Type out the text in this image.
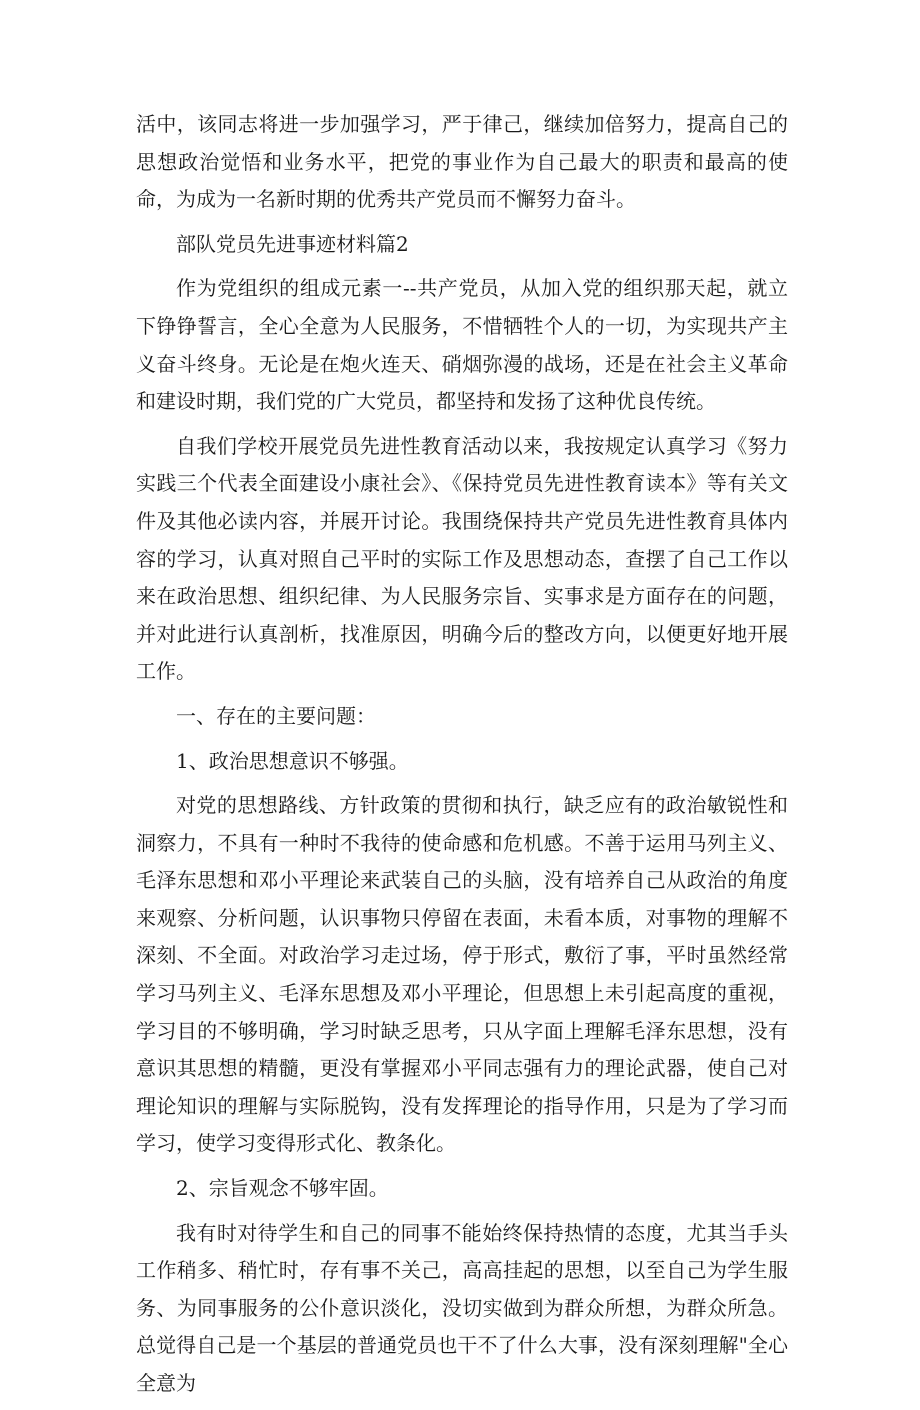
活中，该同志将进一步加强学习，严于律己，继续加倍努力，提高自己的思想政治觉悟和业务水平，把党的事业作为自己最大的职责和最高的使命，为成为一名新时期的优秀共产党员而不懈努力奋斗。

部队党员先进事迹材料篇2

作为党组织的组成元素一--共产党员，从加入党的组织那天起，就立下铮铮誓言，全心全意为人民服务，不惜牺牲个人的一切，为实现共产主义奋斗终身。无论是在炮火连天、硝烟弥漫的战场，还是在社会主义革命和建设时期，我们党的广大党员，都坚持和发扬了这种优良传统。

自我们学校开展党员先进性教育活动以来，我按规定认真学习《努力实践三个代表全面建设小康社会》、《保持党员先进性教育读本》等有关文件及其他必读内容，并展开讨论。我围绕保持共产党员先进性教育具体内容的学习，认真对照自己平时的实际工作及思想动态，查摆了自己工作以来在政治思想、组织纪律、为人民服务宗旨、实事求是方面存在的问题，并对此进行认真剖析，找准原因，明确今后的整改方向，以便更好地开展工作。

一、存在的主要问题：

1、政治思想意识不够强。

对党的思想路线、方针政策的贯彻和执行，缺乏应有的政治敏锐性和洞察力，不具有一种时不我待的使命感和危机感。不善于运用马列主义、毛泽东思想和邓小平理论来武装自己的头脑，没有培养自己从政治的角度来观察、分析问题，认识事物只停留在表面，未看本质，对事物的理解不深刻、不全面。对政治学习走过场，停于形式，敷衍了事，平时虽然经常学习马列主义、毛泽东思想及邓小平理论，但思想上未引起高度的重视，学习目的不够明确，学习时缺乏思考，只从字面上理解毛泽东思想，没有意识其思想的精髓，更没有掌握邓小平同志强有力的理论武器，使自己对理论知识的理解与实际脱钩，没有发挥理论的指导作用，只是为了学习而学习，使学习变得形式化、教条化。

2、宗旨观念不够牢固。

我有时对待学生和自己的同事不能始终保持热情的态度，尤其当手头工作稍多、稍忙时，存有事不关己，高高挂起的思想，以至自己为学生服务、为同事服务的公仆意识淡化，没切实做到为群众所想，为群众所急。总觉得自己是一个基层的普通党员也干不了什么大事，没有深刻理解"全心全意为
